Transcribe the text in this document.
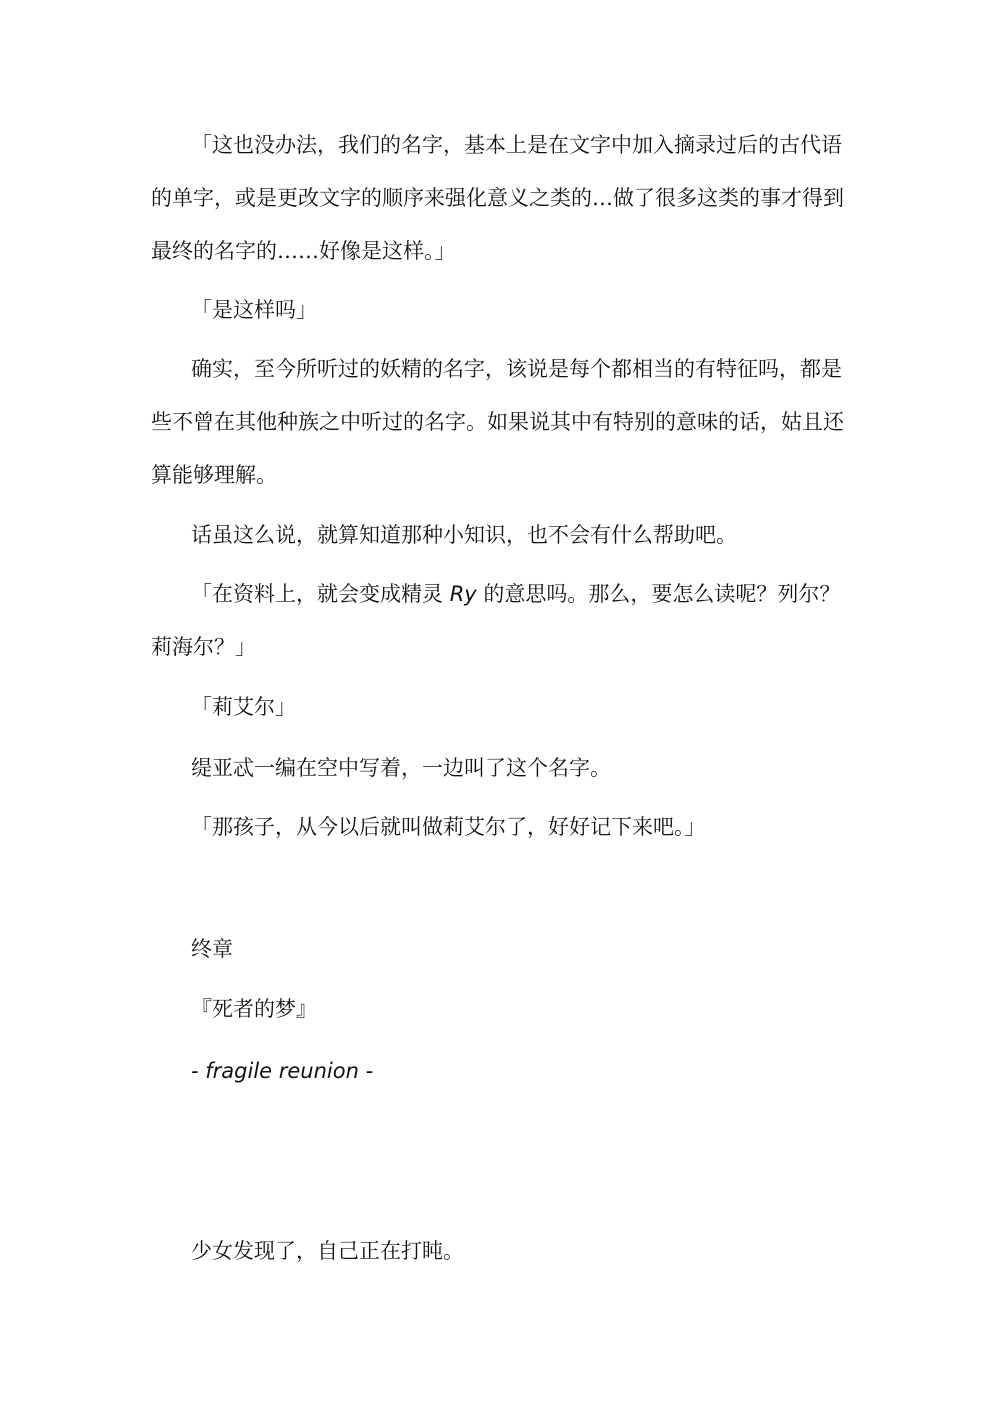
「这也没办法，我们的名字，基本上是在文字中加入摘录过后的古代语的单字，或是更改文字的顺序来强化意义之类的…做了很多这类的事才得到最终的名字的……好像是这样。」

「是这样吗」

确实，至今所听过的妖精的名字，该说是每个都相当的有特征吗，都是些不曾在其他种族之中听过的名字。如果说其中有特别的意味的话，姑且还算能够理解。

话虽这么说，就算知道那种小知识，也不会有什么帮助吧。

「在资料上，就会变成精灵 Ry 的意思吗。那么，要怎么读呢？列尔？莉海尔？」

「莉艾尔」

缇亚忒一编在空中写着，一边叫了这个名字。

「那孩子，从今以后就叫做莉艾尔了，好好记下来吧。」

终章

『死者的梦』

- fragile reunion -

少女发现了，自己正在打盹。
